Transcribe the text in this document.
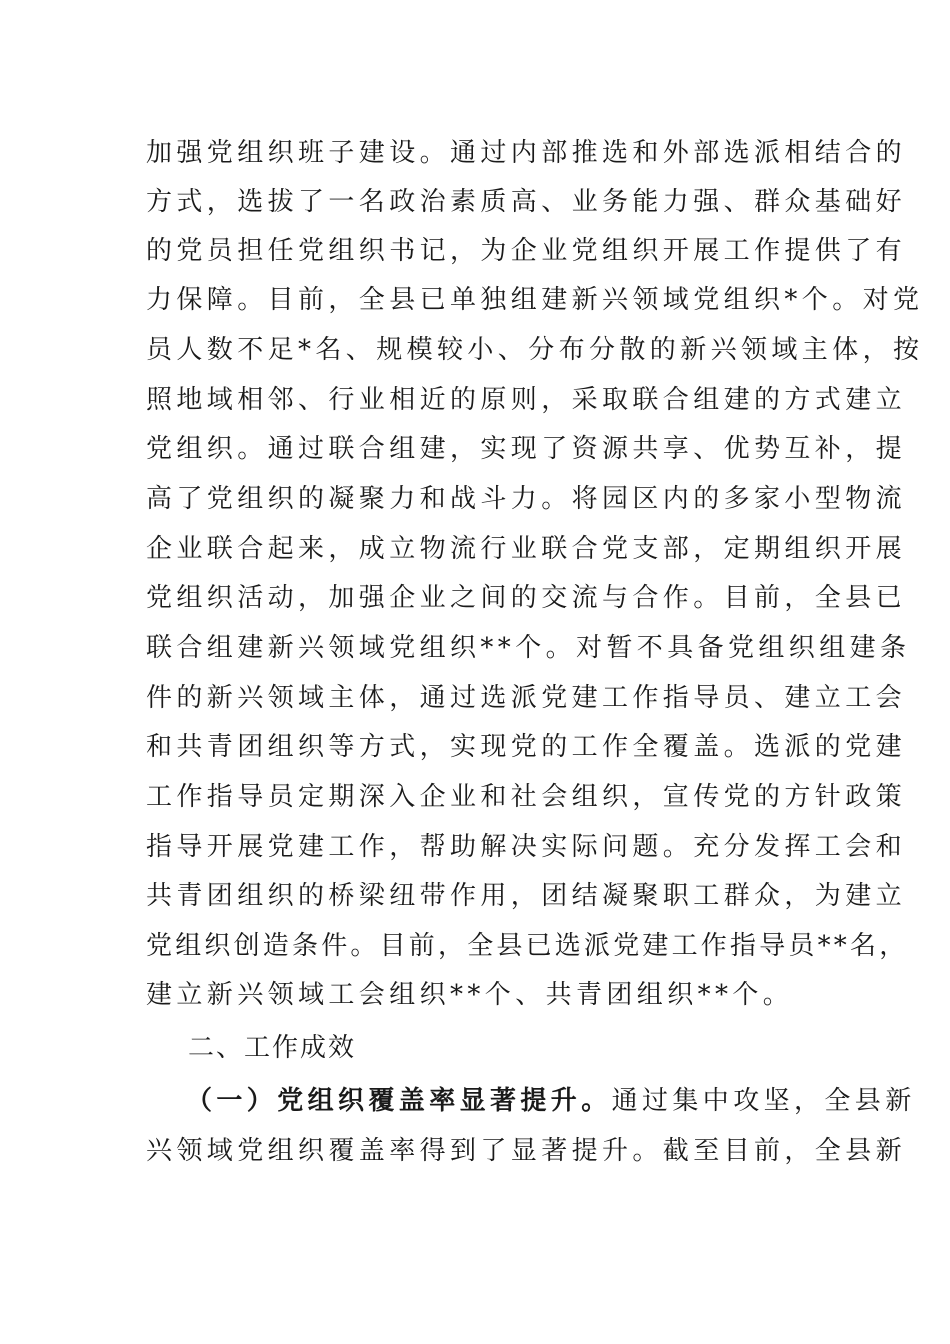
加强党组织班子建设。通过内部推选和外部选派相结合的
方式，选拔了一名政治素质高、业务能力强、群众基础好
的党员担任党组织书记，为企业党组织开展工作提供了有
力保障。目前，全县已单独组建新兴领域党组织*个。对党
员人数不足*名、规模较小、分布分散的新兴领域主体，按
照地域相邻、行业相近的原则，采取联合组建的方式建立
党组织。通过联合组建，实现了资源共享、优势互补，提
高了党组织的凝聚力和战斗力。将园区内的多家小型物流
企业联合起来，成立物流行业联合党支部，定期组织开展
党组织活动，加强企业之间的交流与合作。目前，全县已
联合组建新兴领域党组织**个。对暂不具备党组织组建条
件的新兴领域主体，通过选派党建工作指导员、建立工会
和共青团组织等方式，实现党的工作全覆盖。选派的党建
工作指导员定期深入企业和社会组织，宣传党的方针政策
指导开展党建工作，帮助解决实际问题。充分发挥工会和
共青团组织的桥梁纽带作用，团结凝聚职工群众，为建立
党组织创造条件。目前，全县已选派党建工作指导员**名，
建立新兴领域工会组织**个、共青团组织**个。
二、工作成效
（一）党组织覆盖率显著提升。通过集中攻坚，全县新
兴领域党组织覆盖率得到了显著提升。截至目前，全县新
